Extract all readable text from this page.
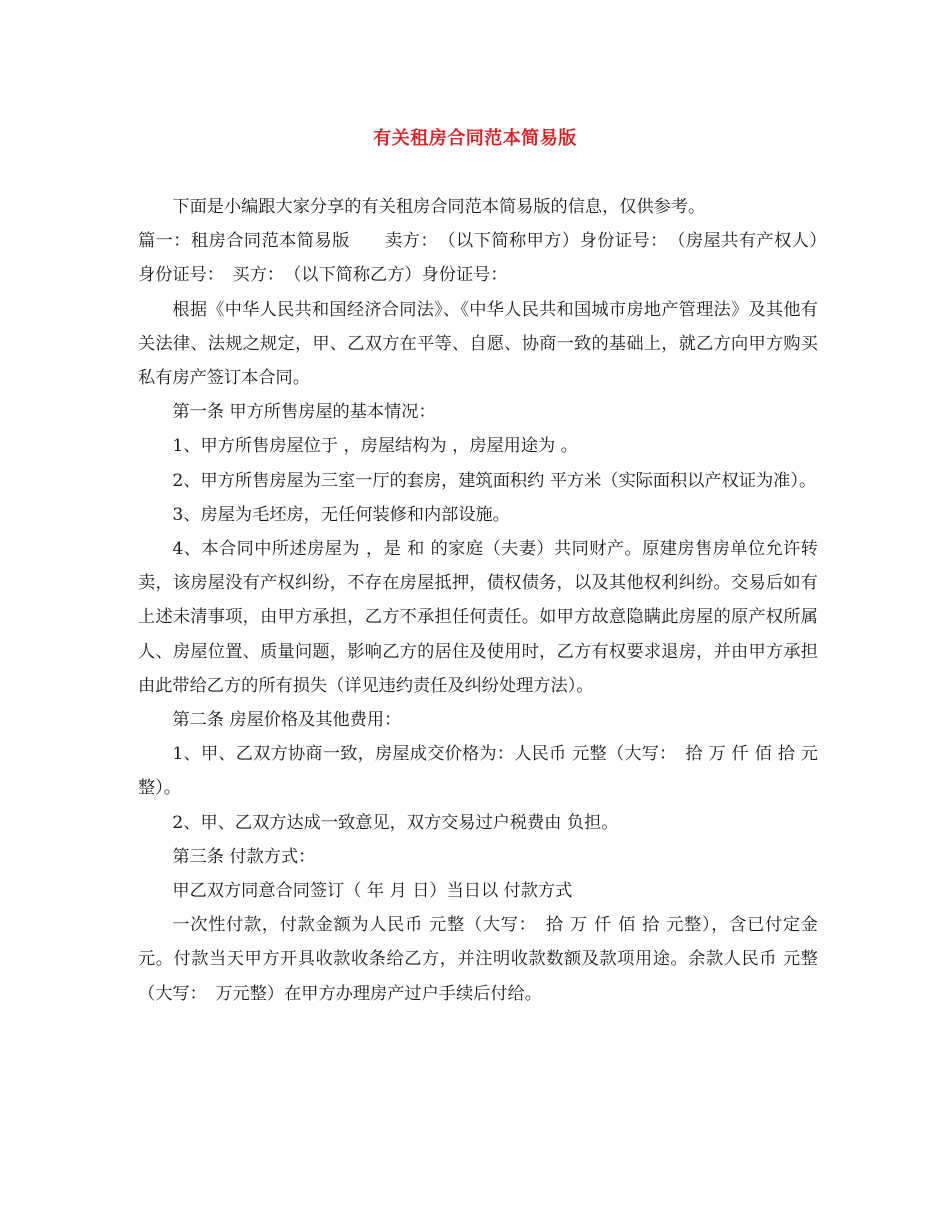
有关租房合同范本简易版

下面是小编跟大家分享的有关租房合同范本简易版的信息，仅供参考。

篇一：租房合同范本简易版　　卖方：　（以下简称甲方）身份证号：　（房屋共有产权人）　身份证号：　买方：　（以下简称乙方）身份证号：

根据《中华人民共和国经济合同法》、《中华人民共和国城市房地产管理法》及其他有关法律、法规之规定，甲、乙双方在平等、自愿、协商一致的基础上，就乙方向甲方购买私有房产签订本合同。

第一条 甲方所售房屋的基本情况：

1、甲方所售房屋位于 ，房屋结构为 ，房屋用途为 。

2、甲方所售房屋为三室一厅的套房，建筑面积约 平方米（实际面积以产权证为准）。

3、房屋为毛坯房，无任何装修和内部设施。

4、本合同中所述房屋为 ，是 和 的家庭（夫妻）共同财产。原建房售房单位允许转卖，该房屋没有产权纠纷，不存在房屋抵押，债权债务，以及其他权利纠纷。交易后如有上述未清事项，由甲方承担，乙方不承担任何责任。如甲方故意隐瞒此房屋的原产权所属人、房屋位置、质量问题，影响乙方的居住及使用时，乙方有权要求退房，并由甲方承担由此带给乙方的所有损失（详见违约责任及纠纷处理方法）。

第二条 房屋价格及其他费用：

1、甲、乙双方协商一致，房屋成交价格为：人民币 元整（大写：　拾 万 仟 佰 拾 元整）。

2、甲、乙双方达成一致意见，双方交易过户税费由 负担。

第三条 付款方式：

甲乙双方同意合同签订（ 年 月 日）当日以 付款方式

一次性付款，付款金额为人民币 元整（大写：　拾 万 仟 佰 拾 元整），含已付定金 元。付款当天甲方开具收款收条给乙方，并注明收款数额及款项用途。余款人民币 元整（大写：　万元整）在甲方办理房产过户手续后付给。
